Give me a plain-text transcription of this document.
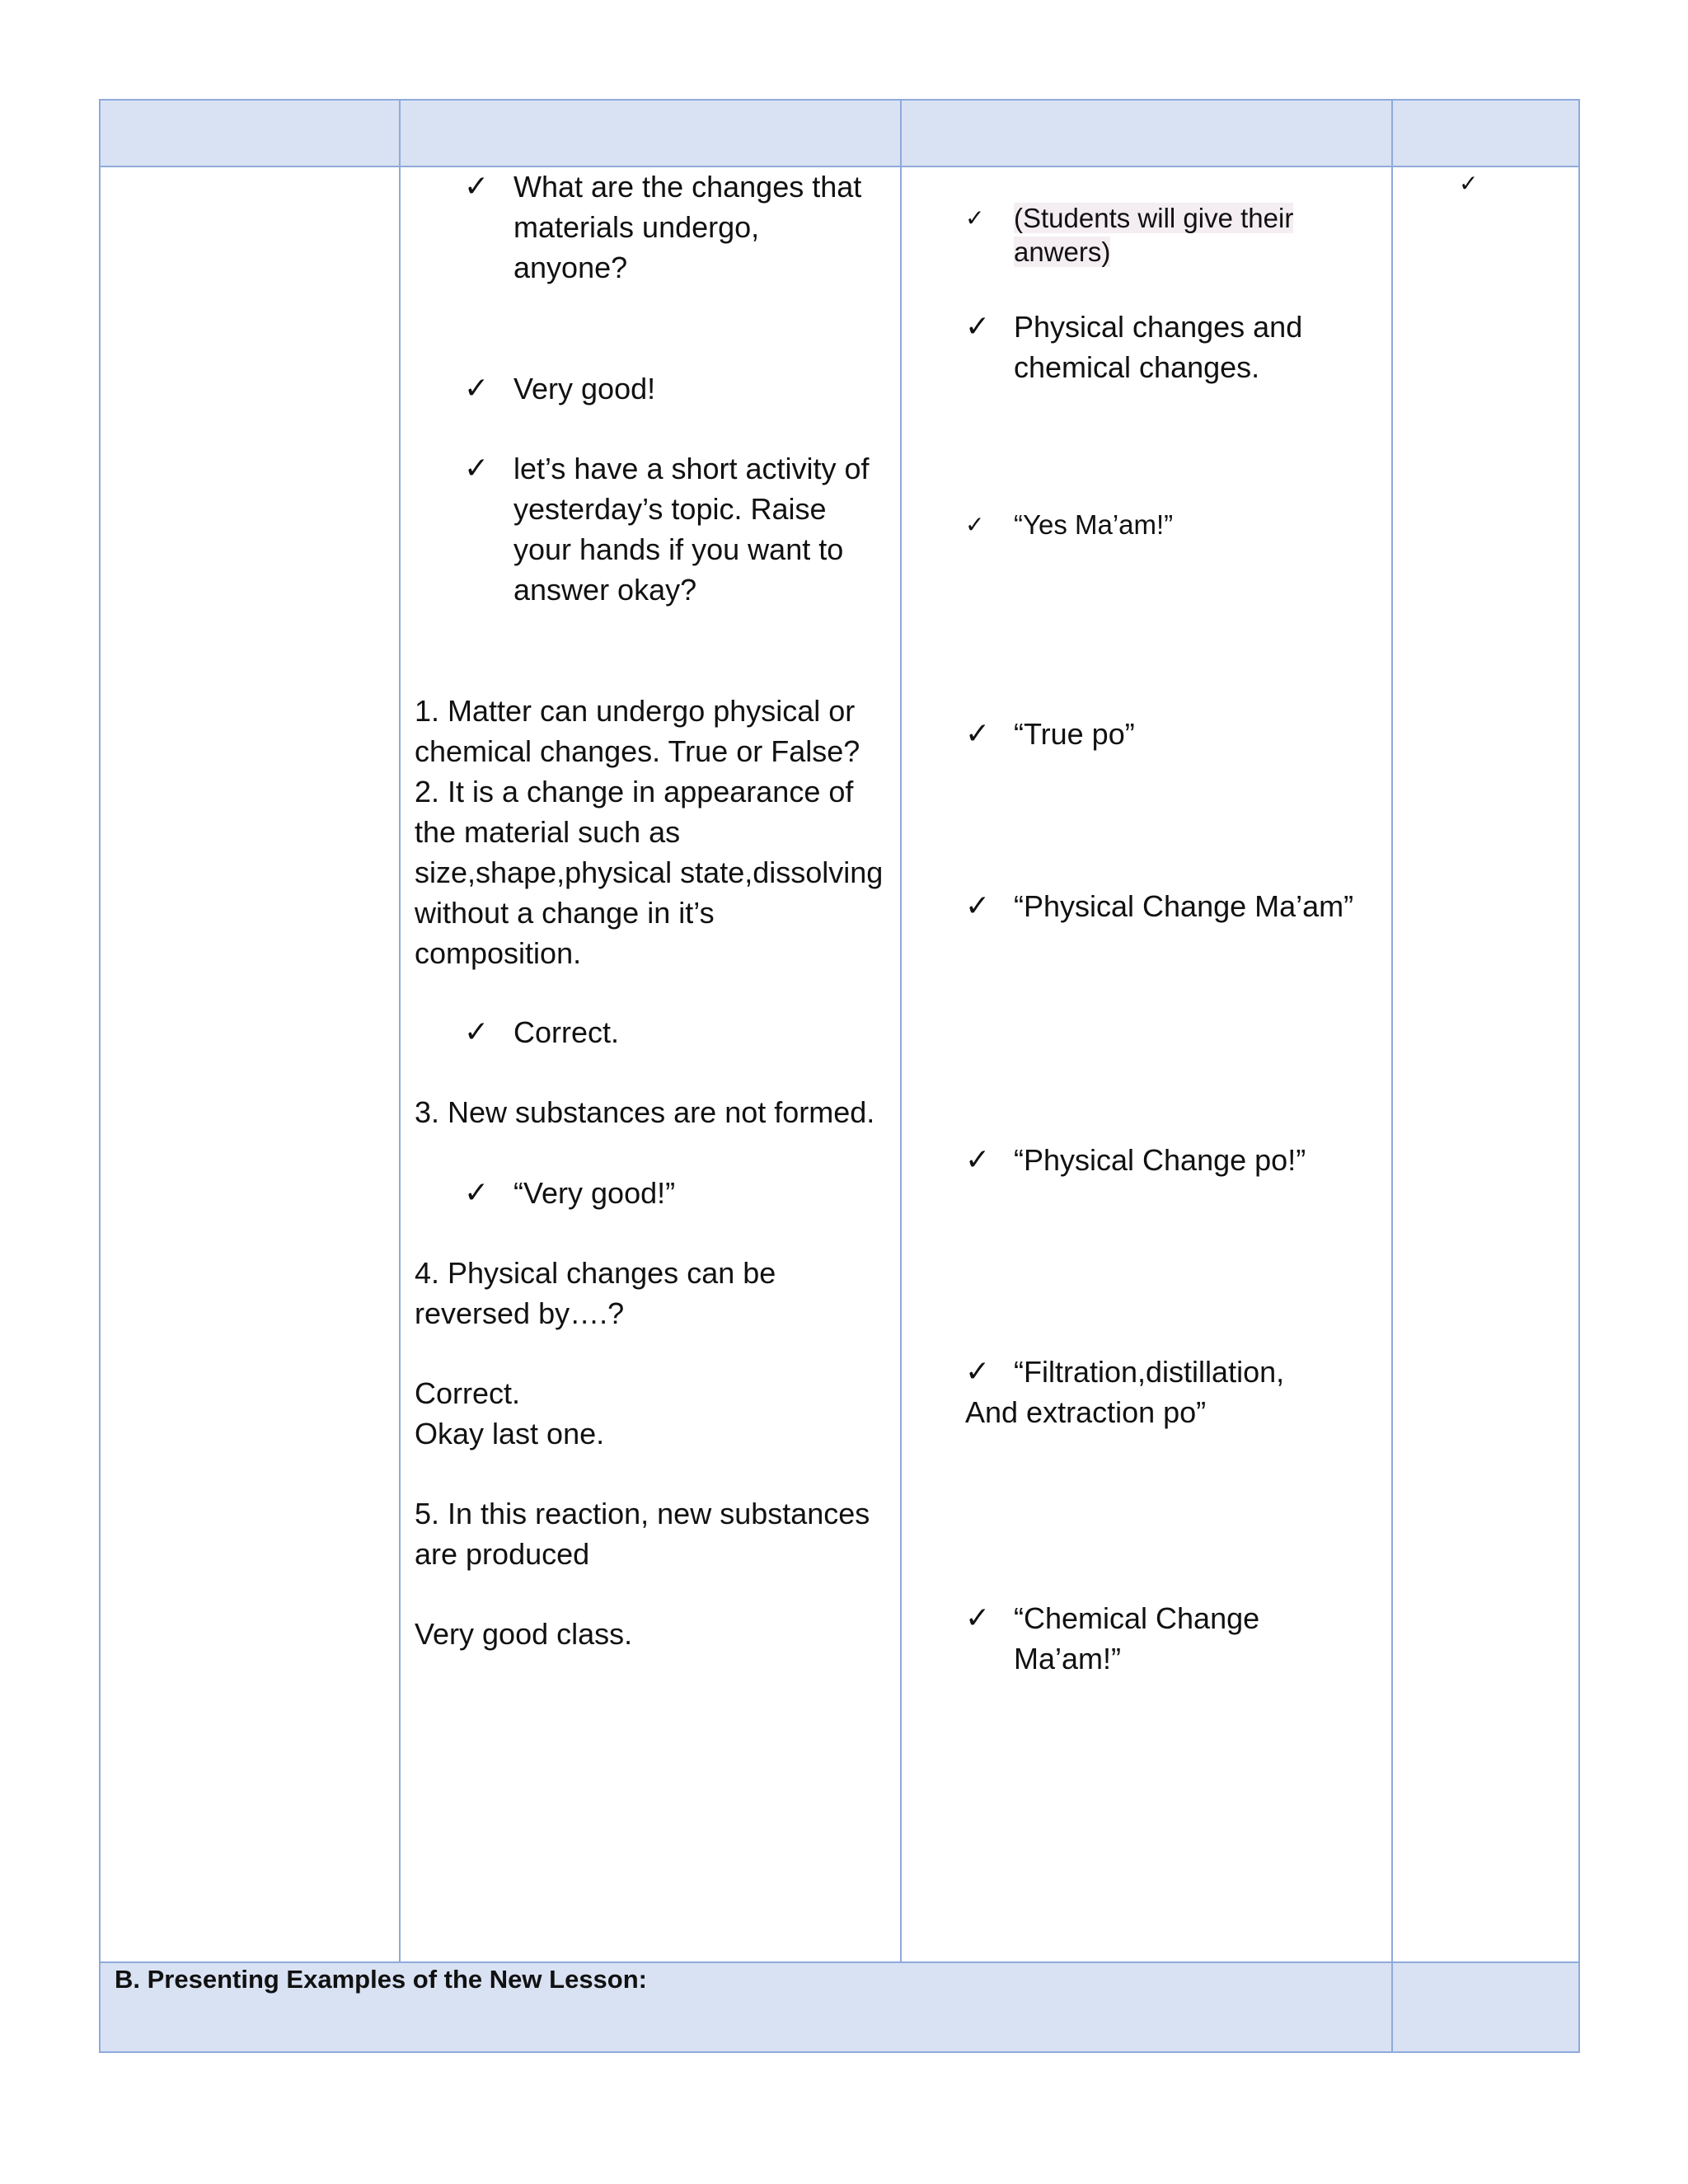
✓ What are the changes that
materials undergo,
anyone?
✓ Very good!
✓ let’s have a short activity of
yesterday’s topic. Raise
your hands if you want to
answer okay?
1. Matter can undergo physical or
chemical changes. True or False?
2. It is a change in appearance of
the material such as
size,shape,physical state,dissolving
without a change in it’s
composition.
✓ Correct.
3. New substances are not formed.
✓ “Very good!”
4. Physical changes can be
reversed by….?
Correct.
Okay last one.
5. In this reaction, new substances
are produced
Very good class.
✓ (Students will give their
anwers)
✓ Physical changes and
chemical changes.
✓ “Yes Ma’am!”
✓ “True po”
✓ “Physical Change Ma’am”
✓ “Physical Change po!”
✓ “Filtration,distillation,
And extraction po”
✓ “Chemical Change
Ma’am!”
✓
B. Presenting Examples of the New Lesson:
